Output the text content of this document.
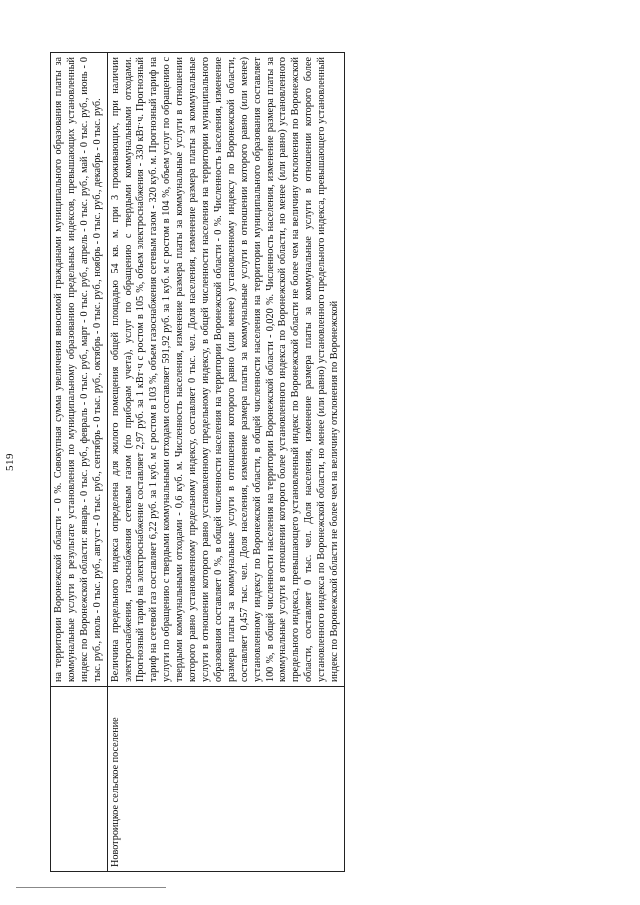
519
		на территории Воронежской области - 0 %. Совокупная сумма увеличения вносимой гражданами муниципального образования платы за коммунальные услуги в результате установления по муниципальному образованию предельных индексов, превышающих установленный индекс по Воронежской области: январь - 0 тыс. руб., февраль - 0 тыс. руб., март - 0 тыс. руб., апрель - 0 тыс. руб., май - 0 тыс. руб., июнь - 0 тыс. руб., июль - 0 тыс. руб., август - 0 тыс. руб., сентябрь - 0 тыс. руб., октябрь - 0 тыс. руб., ноябрь - 0 тыс. руб., декабрь - 0 тыс. руб.
Новотроицкое сельское поселение	Величина предельного индекса определена для жилого помещения общей площадью 54 кв. м. при 3 проживающих, при наличии электроснабжения, газоснабжения сетевым газом (по приборам учета), услуг по обращению с твердыми коммунальными отходами. Прогнозный тариф на электроснабжение составляет 2,97 руб. за 1 кВт·ч с ростом в 105 %, объем электроснабжения - 330 кВт·ч. Прогнозный тариф на сетевой газ составляет 6,22 руб. за 1 куб. м с ростом в 103 %, объем газоснабжения сетевым газом - 320 куб. м. Прогнозный тариф на услуги по обращению с твердыми коммунальными отходами составляет 591,92 руб. за 1 куб. м с ростом в 104 %, объем услуг по обращению с твердыми коммунальными отходами - 0,6 куб. м. Численность населения, изменение размера платы за коммунальные услуги в отношении которого равно установленному предельному индексу, составляет 0 тыс. чел. Доля населения, изменение размера платы за коммунальные услуги в отношении которого равно установленному предельному индексу, в общей численности населения на территории муниципального образования составляет 0 %, в общей численности населения на территории Воронежской области - 0 %. Численность населения, изменение размера платы за коммунальные услуги в отношении которого равно (или менее) установленному индексу по Воронежской области, составляет 0,457 тыс. чел. Доля населения, изменение размера платы за коммунальные услуги в отношении которого равно (или менее) установленному индексу по Воронежской области, в общей численности населения на территории муниципального образования составляет 100 %, в общей численности населения на территории Воронежской области - 0,020 %. Численность населения, изменение размера платы за коммунальные услуги в отношении которого более установленного индекса по Воронежской области, но менее (или равно) установленного предельного индекса, превышающего установленный индекс по Воронежской области не более чем на величину отклонения по Воронежской области, составляет 0 тыс. чел. Доля населения, изменение размера платы за коммунальные услуги в отношении которого более установленного индекса по Воронежской области, но менее (или равно) установленного предельного индекса, превышающего установленный индекс по Воронежской области не более чем на величину отклонения по Воронежской
